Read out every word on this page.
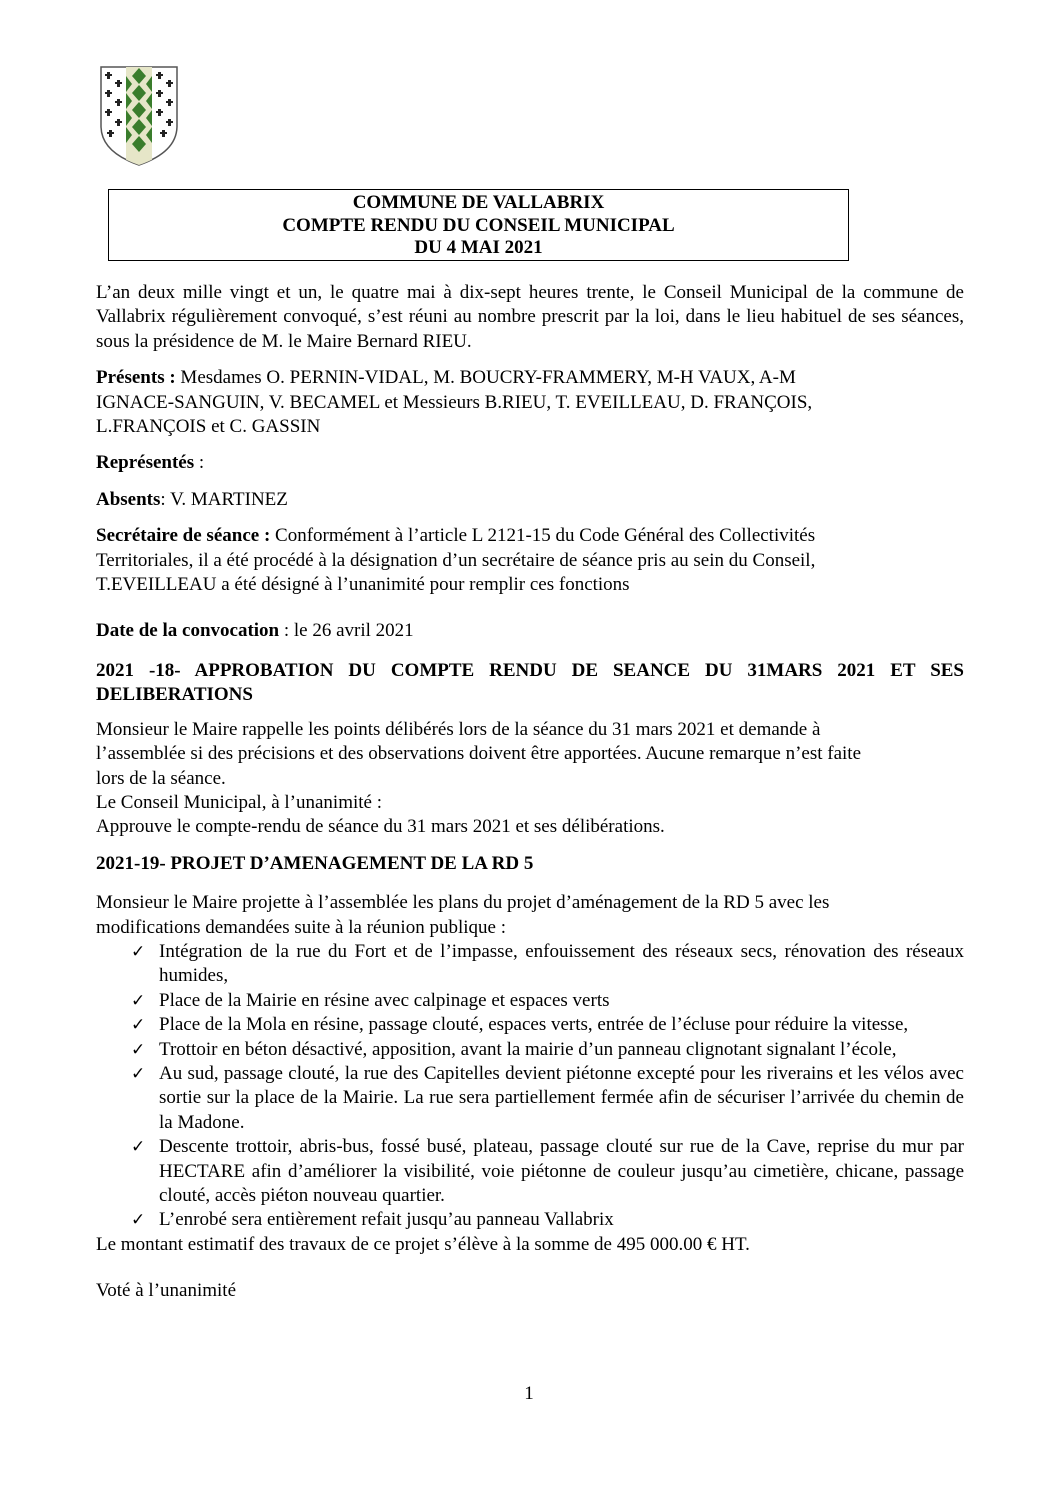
COMMUNE DE VALLABRIX
COMPTE RENDU DU CONSEIL MUNICIPAL
DU 4 MAI 2021

L’an deux mille vingt et un, le quatre mai à dix-sept heures trente, le Conseil Municipal de la commune de Vallabrix régulièrement convoqué, s’est réuni au nombre prescrit par la loi, dans le lieu habituel de ses séances, sous la présidence de M. le Maire Bernard RIEU.

Présents : Mesdames O. PERNIN-VIDAL, M. BOUCRY-FRAMMERY, M-H VAUX, A-M
IGNACE-SANGUIN, V. BECAMEL et Messieurs B.RIEU, T. EVEILLEAU, D. FRANÇOIS,
L.FRANÇOIS et C. GASSIN

Représentés :

Absents: V. MARTINEZ

Secrétaire de séance : Conformément à l’article L 2121-15 du Code Général des Collectivités
Territoriales, il a été procédé à la désignation d’un secrétaire de séance pris au sein du Conseil,
T.EVEILLEAU a été désigné à l’unanimité pour remplir ces fonctions

Date de la convocation : le 26 avril 2021

2021 -18- APPROBATION DU COMPTE RENDU DE SEANCE DU 31MARS 2021 ET SES DELIBERATIONS

Monsieur le Maire rappelle les points délibérés lors de la séance du 31 mars 2021 et demande à
l’assemblée si des précisions et des observations doivent être apportées. Aucune remarque n’est faite
lors de la séance.
Le Conseil Municipal, à l’unanimité :
Approuve le compte-rendu de séance du 31 mars 2021 et ses délibérations.

2021-19- PROJET D’AMENAGEMENT DE LA RD 5

Monsieur le Maire projette à l’assemblée les plans du projet d’aménagement de la RD 5 avec les
modifications demandées suite à la réunion publique :

✓ Intégration de la rue du Fort et de l’impasse, enfouissement des réseaux secs, rénovation des réseaux humides,
✓ Place de la Mairie en résine avec calpinage et espaces verts
✓ Place de la Mola en résine, passage clouté, espaces verts, entrée de l’écluse pour réduire la vitesse,
✓ Trottoir en béton désactivé, apposition, avant la mairie d’un panneau clignotant signalant l’école,
✓ Au sud, passage clouté, la rue des Capitelles devient piétonne excepté pour les riverains et les vélos avec sortie sur la place de la Mairie. La rue sera partiellement fermée afin de sécuriser l’arrivée du chemin de la Madone.
✓ Descente trottoir, abris-bus, fossé busé, plateau, passage clouté sur rue de la Cave, reprise du mur par HECTARE afin d’améliorer la visibilité, voie piétonne de couleur jusqu’au cimetière, chicane, passage clouté, accès piéton nouveau quartier.
✓ L’enrobé sera entièrement refait jusqu’au panneau Vallabrix

Le montant estimatif des travaux de ce projet s’élève à la somme de 495 000.00 € HT.

Voté à l’unanimité

1
